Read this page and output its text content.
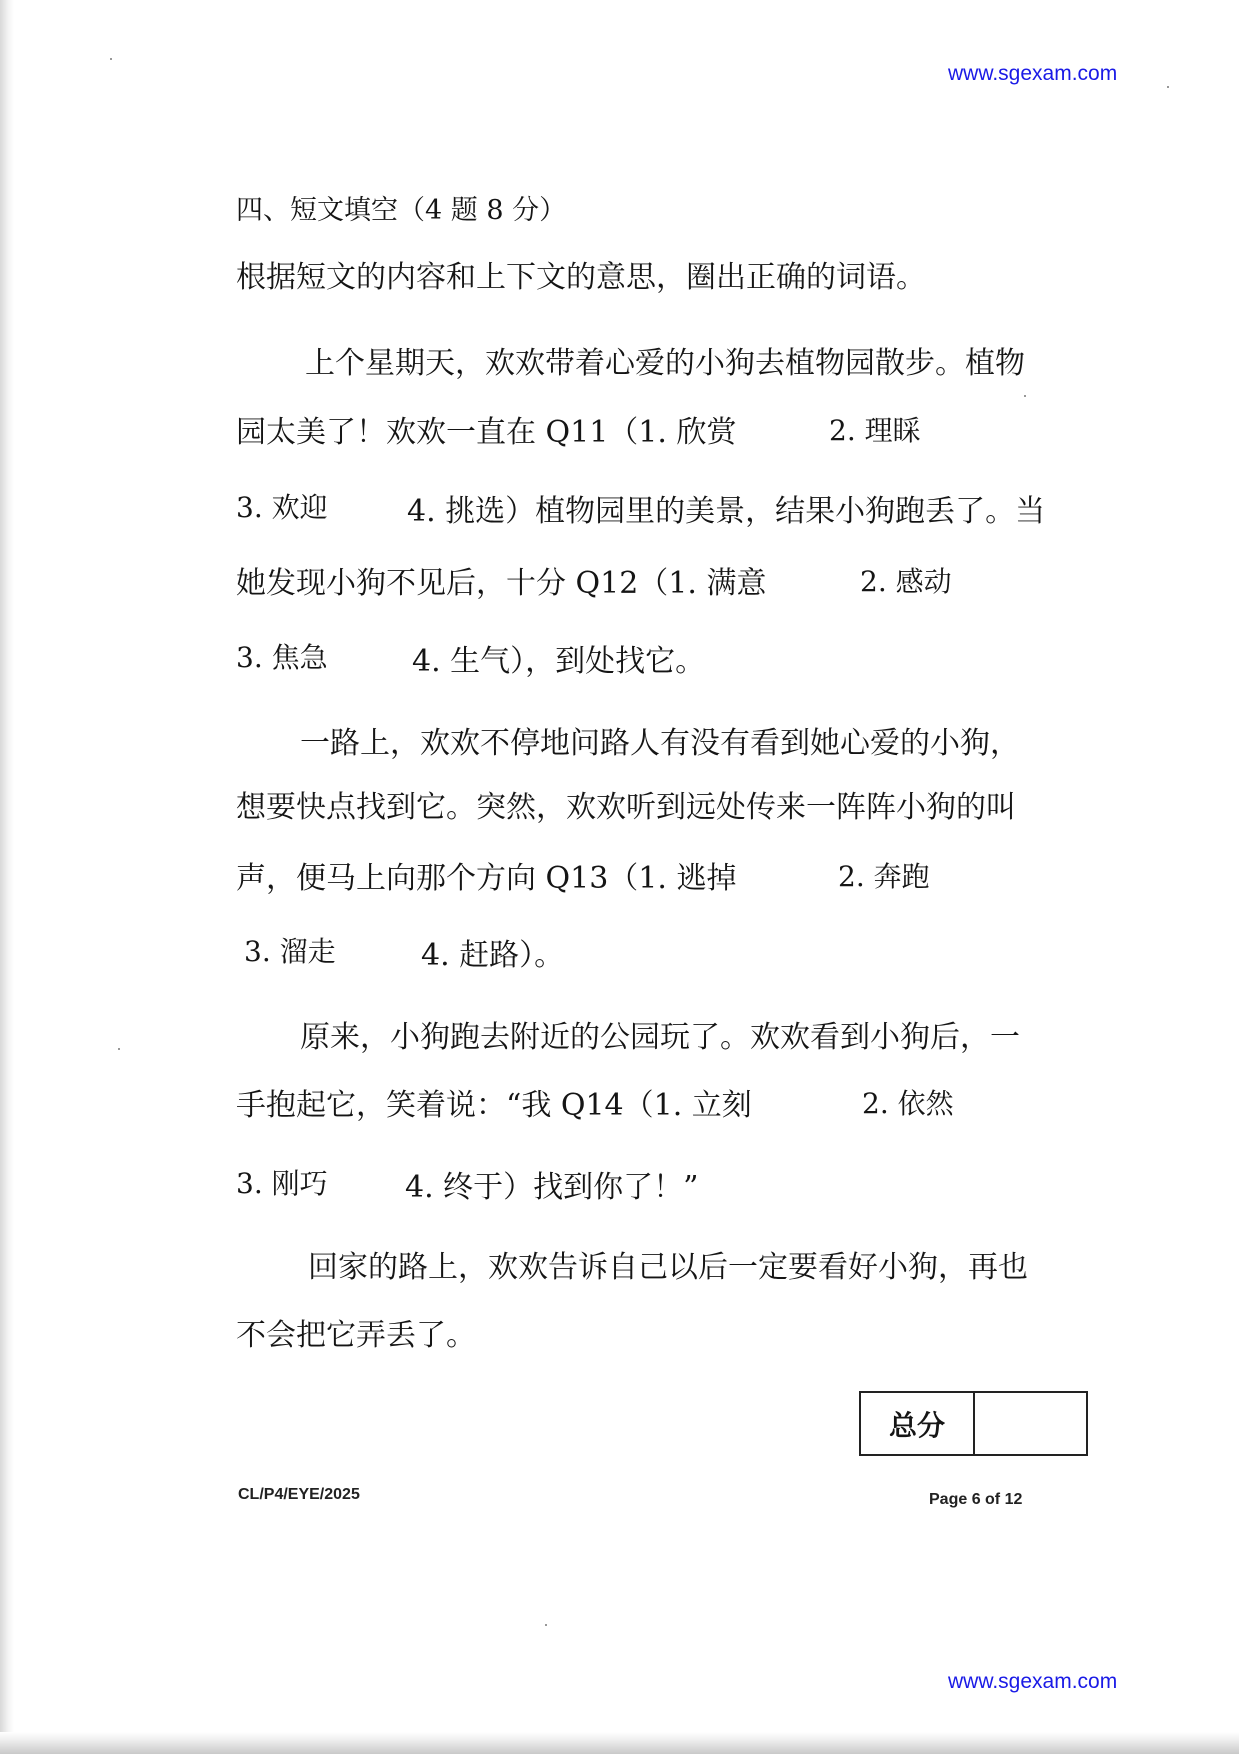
www.sgexam.com
四、短文填空（4 题 8 分）
根据短文的内容和上下文的意思，圈出正确的词语。
上个星期天，欢欢带着心爱的小狗去植物园散步。植物
园太美了！欢欢一直在 Q11（1. 欣赏	2. 理睬
3. 欢迎	4. 挑选）植物园里的美景，结果小狗跑丢了。当
她发现小狗不见后，十分 Q12（1. 满意	2. 感动
3. 焦急	4. 生气），到处找它。
一路上，欢欢不停地问路人有没有看到她心爱的小狗，
想要快点找到它。突然，欢欢听到远处传来一阵阵小狗的叫
声，便马上向那个方向 Q13（1. 逃掉	2. 奔跑
3. 溜走	4. 赶路）。
原来，小狗跑去附近的公园玩了。欢欢看到小狗后，一
手抱起它，笑着说：“我 Q14（1. 立刻	2. 依然
3. 刚巧	4. 终于）找到你了！”
回家的路上，欢欢告诉自己以后一定要看好小狗，再也
不会把它弄丢了。
总分
CL/P4/EYE/2025	Page 6 of 12
www.sgexam.com
